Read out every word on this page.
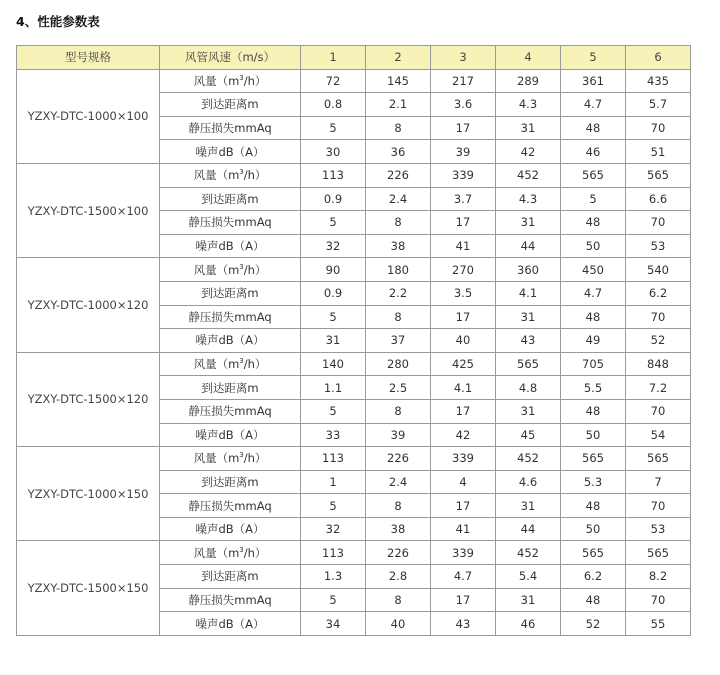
4、性能参数表
型号规格	风管风速（m/s）	1	2	3	4	5	6
YZXY-DTC-1000×100	风量$(m^3/h)$	72	145	217	289	361	435
	到达距离m	0.8	2.1	3.6	4.3	4.7	5.7
	静压损失mmAq	5	8	17	31	48	70
	噪声dB（A）	30	36	39	42	46	51
YZXY-DTC-1500×100	风量$(m^3/h)$	113	226	339	452	565	565
	到达距离m	0.9	2.4	3.7	4.3	5	6.6
	静压损失mmAq	5	8	17	31	48	70
	噪声dB（A）	32	38	41	44	50	53
YZXY-DTC-1000×120	风量$(m^3/h)$	90	180	270	360	450	540
	到达距离m	0.9	2.2	3.5	4.1	4.7	6.2
	静压损失mmAq	5	8	17	31	48	70
	噪声dB（A）	31	37	40	43	49	52
YZXY-DTC-1500×120	风量$(m^3/h)$	140	280	425	565	705	848
	到达距离m	1.1	2.5	4.1	4.8	5.5	7.2
	静压损失mmAq	5	8	17	31	48	70
	噪声dB（A）	33	39	42	45	50	54
YZXY-DTC-1000×150	风量$(m^3/h)$	113	226	339	452	565	565
	到达距离m	1	2.4	4	4.6	5.3	7
	静压损失mmAq	5	8	17	31	48	70
	噪声dB（A）	32	38	41	44	50	53
YZXY-DTC-1500×150	风量$(m^3/h)$	113	226	339	452	565	565
	到达距离m	1.3	2.8	4.7	5.4	6.2	8.2
	静压损失mmAq	5	8	17	31	48	70
	噪声dB（A）	34	40	43	46	52	55
